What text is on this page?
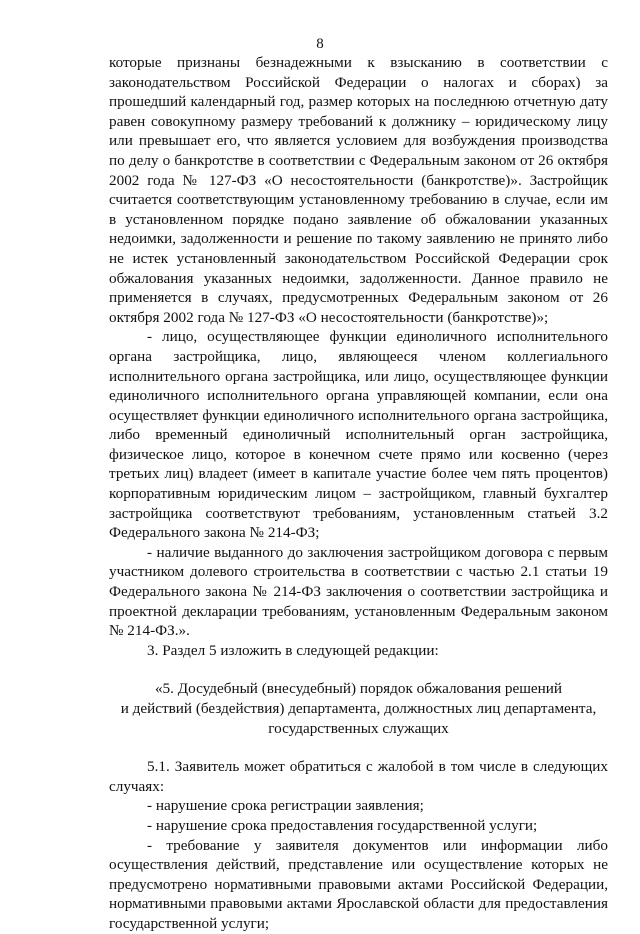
8

которые признаны безнадежными к взысканию в соответствии с законодательством Российской Федерации о налогах и сборах) за прошедший календарный год, размер которых на последнюю отчетную дату равен совокупному размеру требований к должнику – юридическому лицу или превышает его, что является условием для возбуждения производства по делу о банкротстве в соответствии с Федеральным законом от 26 октября 2002 года № 127-ФЗ «О несостоятельности (банкротстве)». Застройщик считается соответствующим установленному требованию в случае, если им в установленном порядке подано заявление об обжаловании указанных недоимки, задолженности и решение по такому заявлению не принято либо не истек установленный законодательством Российской Федерации срок обжалования указанных недоимки, задолженности. Данное правило не применяется в случаях, предусмотренных Федеральным законом от 26 октября 2002 года № 127-ФЗ «О несостоятельности (банкротстве)»;

- лицо, осуществляющее функции единоличного исполнительного органа застройщика, лицо, являющееся членом коллегиального исполнительного органа застройщика, или лицо, осуществляющее функции единоличного исполнительного органа управляющей компании, если она осуществляет функции единоличного исполнительного органа застройщика, либо временный единоличный исполнительный орган застройщика, физическое лицо, которое в конечном счете прямо или косвенно (через третьих лиц) владеет (имеет в капитале участие более чем пять процентов) корпоративным юридическим лицом – застройщиком, главный бухгалтер застройщика соответствуют требованиям, установленным статьей 3.2 Федерального закона № 214-ФЗ;

- наличие выданного до заключения застройщиком договора с первым участником долевого строительства в соответствии с частью 2.1 статьи 19 Федерального закона № 214-ФЗ заключения о соответствии застройщика и проектной декларации требованиям, установленным Федеральным законом № 214-ФЗ.».

3. Раздел 5 изложить в следующей редакции:

«5. Досудебный (внесудебный) порядок обжалования решений

и действий (бездействия) департамента, должностных лиц департамента,

государственных служащих

5.1. Заявитель может обратиться с жалобой в том числе в следующих случаях:

- нарушение срока регистрации заявления;

- нарушение срока предоставления государственной услуги;

- требование у заявителя документов или информации либо осуществления действий, представление или осуществление которых не предусмотрено нормативными правовыми актами Российской Федерации, нормативными правовыми актами Ярославской области для предоставления государственной услуги;
